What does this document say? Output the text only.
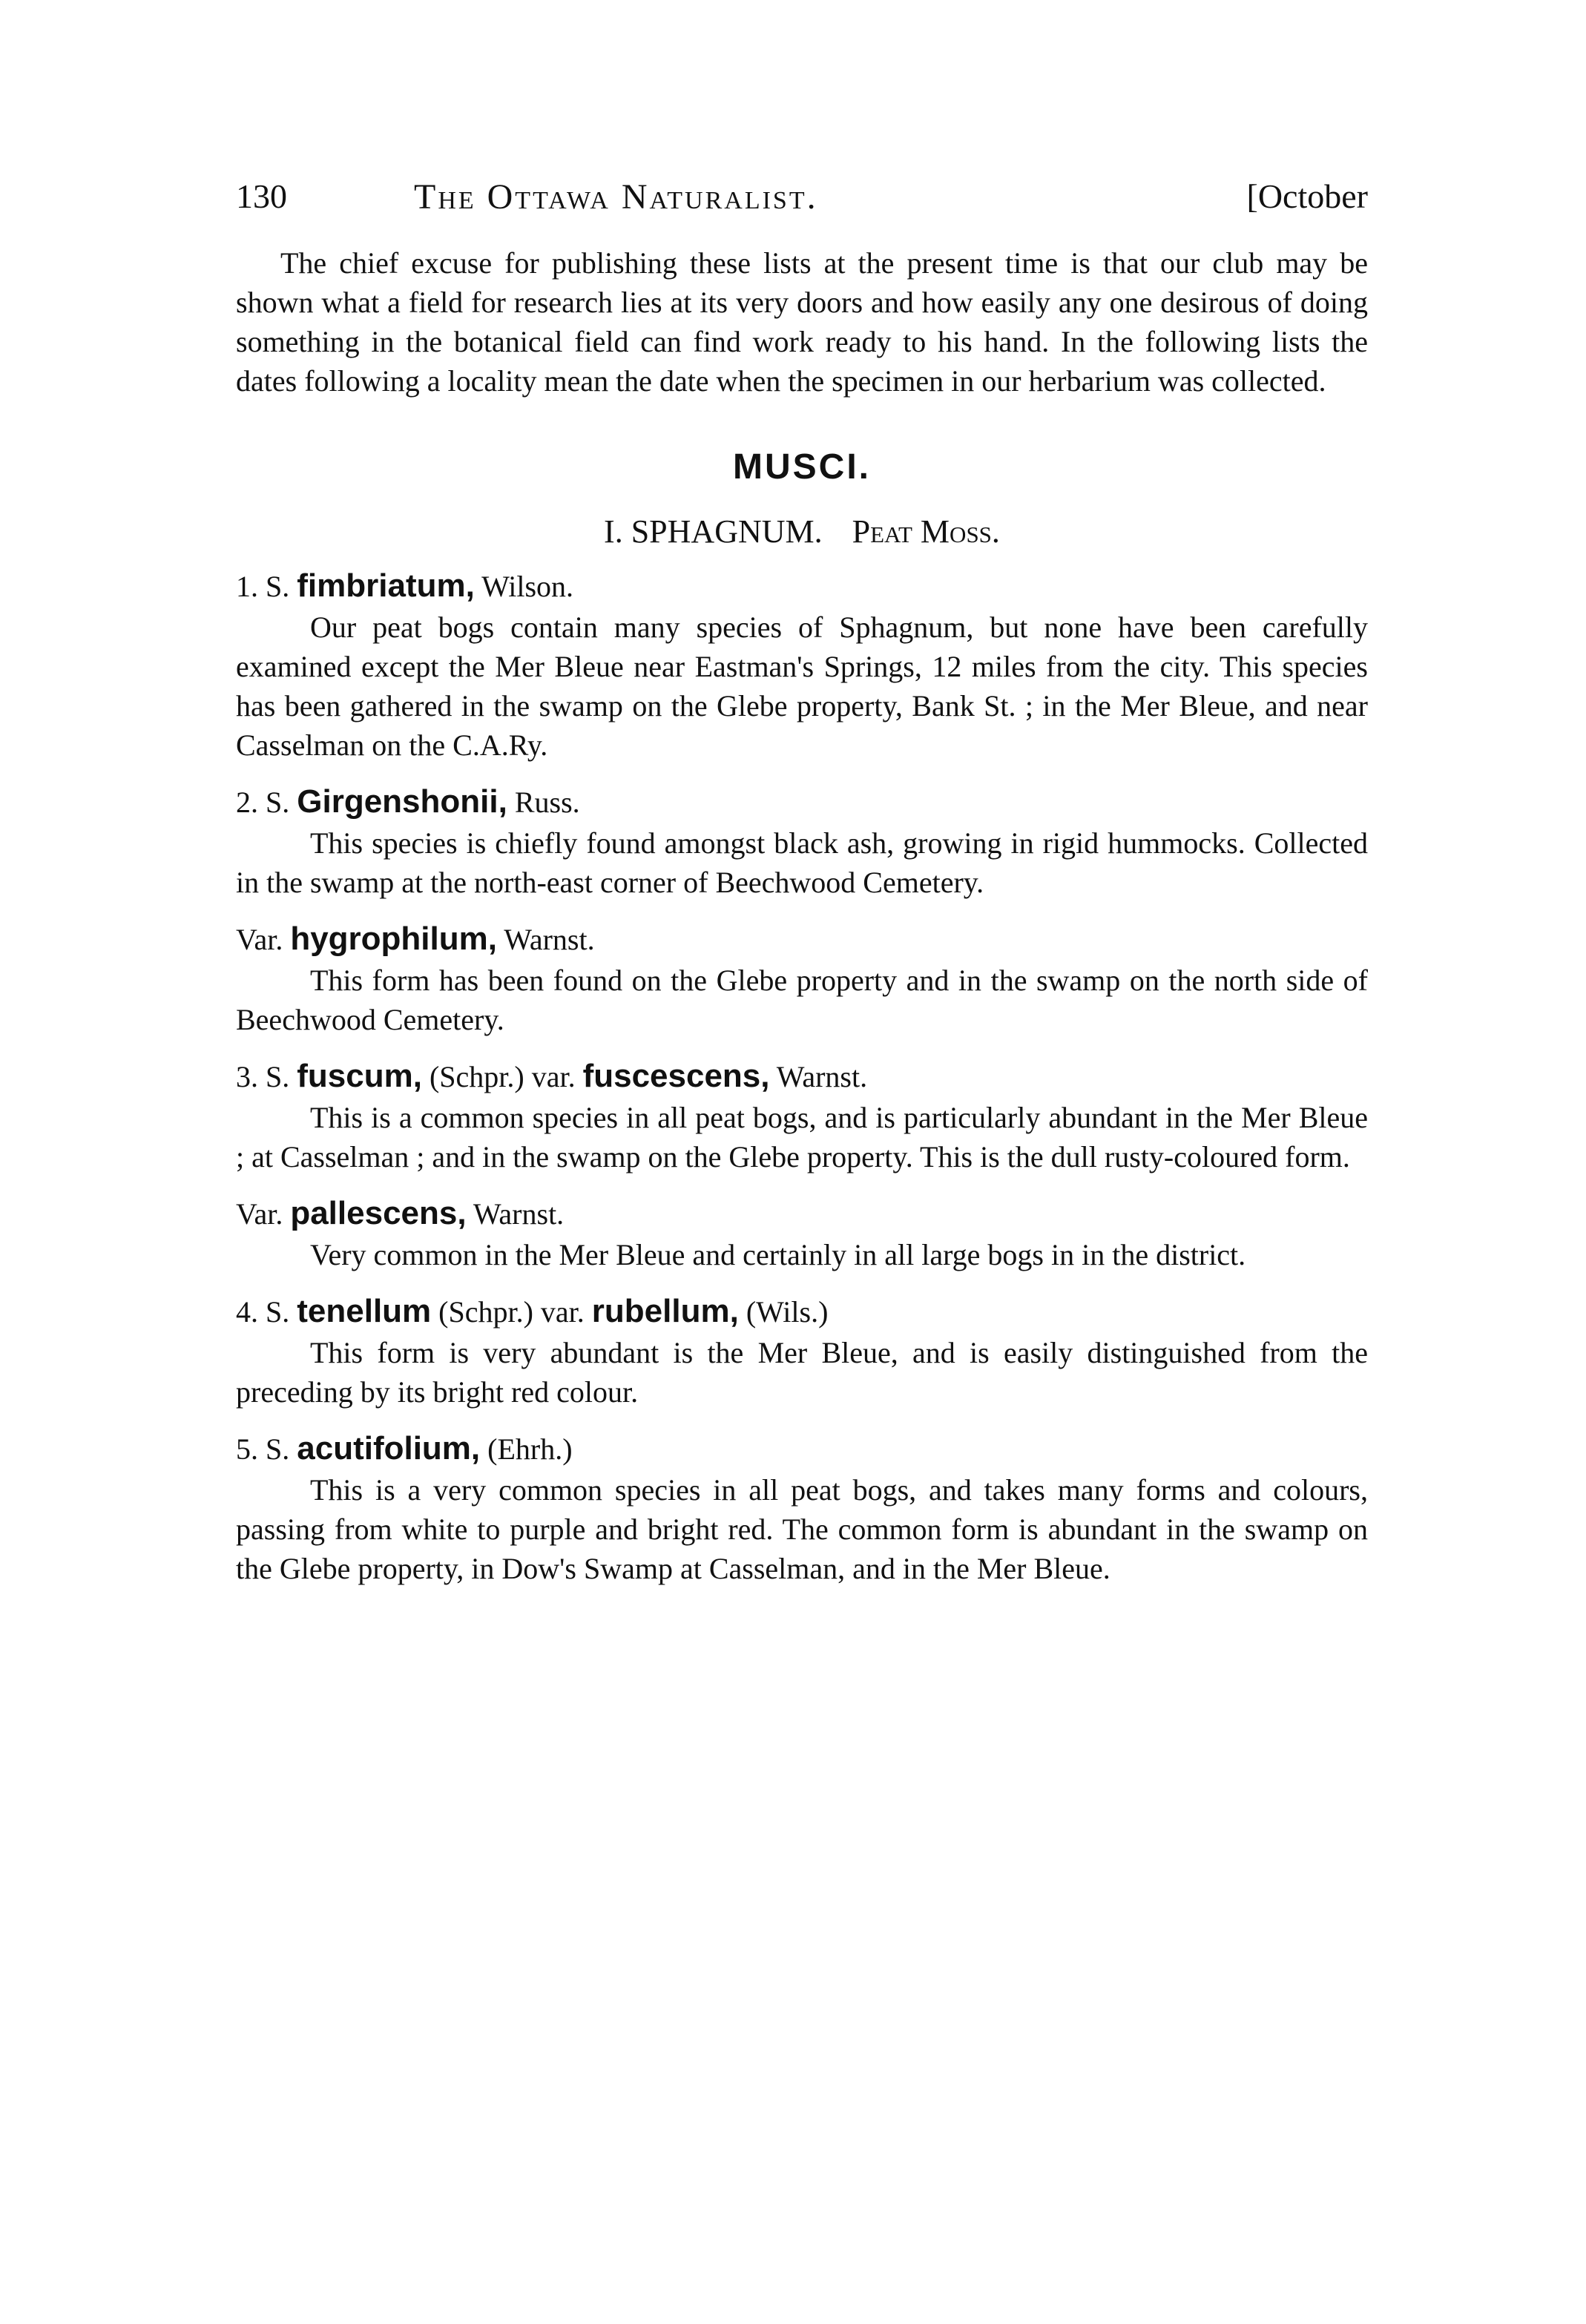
130	The Ottawa Naturalist.	[October

The chief excuse for publishing these lists at the present time is that our club may be shown what a field for research lies at its very doors and how easily any one desirous of doing something in the botanical field can find work ready to his hand. In the following lists the dates following a locality mean the date when the specimen in our herbarium was collected.

MUSCI.
I. SPHAGNUM. Peat Moss.
1. S. fimbriatum, Wilson.

Our peat bogs contain many species of Sphagnum, but none have been carefully examined except the Mer Bleue near Eastman's Springs, 12 miles from the city. This species has been gathered in the swamp on the Glebe property, Bank St. ; in the Mer Bleue, and near Casselman on the C.A.Ry.

2. S. Girgenshonii, Russ.

This species is chiefly found amongst black ash, growing in rigid hummocks. Collected in the swamp at the north-east corner of Beechwood Cemetery.

Var. hygrophilum, Warnst.

This form has been found on the Glebe property and in the swamp on the north side of Beechwood Cemetery.

3. S. fuscum, (Schpr.) var. fuscescens, Warnst.

This is a common species in all peat bogs, and is particularly abundant in the Mer Bleue ; at Casselman ; and in the swamp on the Glebe property. This is the dull rusty-coloured form.

Var. pallescens, Warnst.

Very common in the Mer Bleue and certainly in all large bogs in in the district.

4. S. tenellum (Schpr.) var. rubellum, (Wils.)

This form is very abundant is the Mer Bleue, and is easily distinguished from the preceding by its bright red colour.

5. S. acutifolium, (Ehrh.)

This is a very common species in all peat bogs, and takes many forms and colours, passing from white to purple and bright red. The common form is abundant in the swamp on the Glebe property, in Dow's Swamp at Casselman, and in the Mer Bleue.
